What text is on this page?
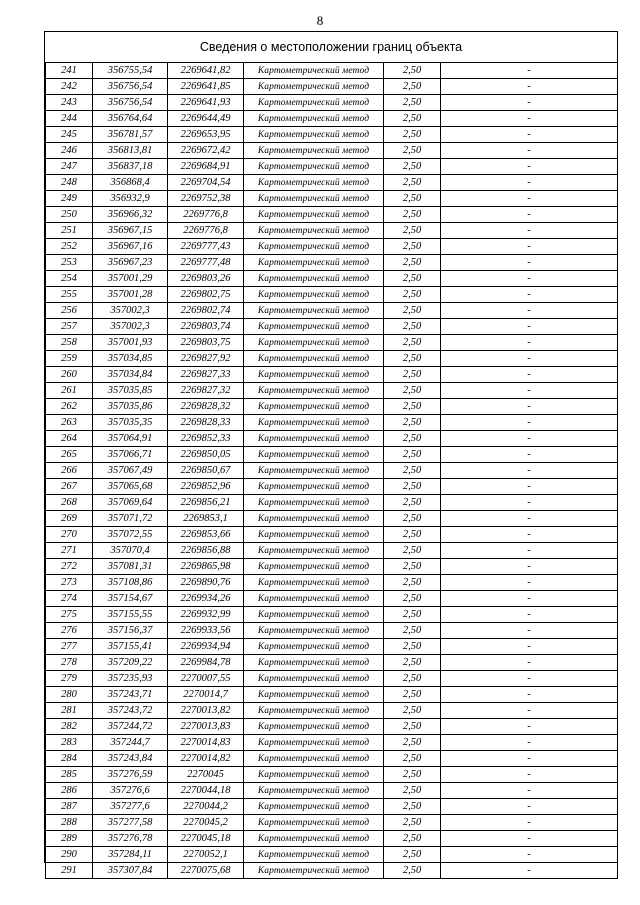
8
Сведения о местоположении границ объекта
241	356755,54	2269641,82	Картометрический метод	2,50	-
242	356756,54	2269641,85	Картометрический метод	2,50	-
243	356756,54	2269641,93	Картометрический метод	2,50	-
244	356764,64	2269644,49	Картометрический метод	2,50	-
245	356781,57	2269653,95	Картометрический метод	2,50	-
246	356813,81	2269672,42	Картометрический метод	2,50	-
247	356837,18	2269684,91	Картометрический метод	2,50	-
248	356868,4	2269704,54	Картометрический метод	2,50	-
249	356932,9	2269752,38	Картометрический метод	2,50	-
250	356966,32	2269776,8	Картометрический метод	2,50	-
251	356967,15	2269776,8	Картометрический метод	2,50	-
252	356967,16	2269777,43	Картометрический метод	2,50	-
253	356967,23	2269777,48	Картометрический метод	2,50	-
254	357001,29	2269803,26	Картометрический метод	2,50	-
255	357001,28	2269802,75	Картометрический метод	2,50	-
256	357002,3	2269802,74	Картометрический метод	2,50	-
257	357002,3	2269803,74	Картометрический метод	2,50	-
258	357001,93	2269803,75	Картометрический метод	2,50	-
259	357034,85	2269827,92	Картометрический метод	2,50	-
260	357034,84	2269827,33	Картометрический метод	2,50	-
261	357035,85	2269827,32	Картометрический метод	2,50	-
262	357035,86	2269828,32	Картометрический метод	2,50	-
263	357035,35	2269828,33	Картометрический метод	2,50	-
264	357064,91	2269852,33	Картометрический метод	2,50	-
265	357066,71	2269850,05	Картометрический метод	2,50	-
266	357067,49	2269850,67	Картометрический метод	2,50	-
267	357065,68	2269852,96	Картометрический метод	2,50	-
268	357069,64	2269856,21	Картометрический метод	2,50	-
269	357071,72	2269853,1	Картометрический метод	2,50	-
270	357072,55	2269853,66	Картометрический метод	2,50	-
271	357070,4	2269856,88	Картометрический метод	2,50	-
272	357081,31	2269865,98	Картометрический метод	2,50	-
273	357108,86	2269890,76	Картометрический метод	2,50	-
274	357154,67	2269934,26	Картометрический метод	2,50	-
275	357155,55	2269932,99	Картометрический метод	2,50	-
276	357156,37	2269933,56	Картометрический метод	2,50	-
277	357155,41	2269934,94	Картометрический метод	2,50	-
278	357209,22	2269984,78	Картометрический метод	2,50	-
279	357235,93	2270007,55	Картометрический метод	2,50	-
280	357243,71	2270014,7	Картометрический метод	2,50	-
281	357243,72	2270013,82	Картометрический метод	2,50	-
282	357244,72	2270013,83	Картометрический метод	2,50	-
283	357244,7	2270014,83	Картометрический метод	2,50	-
284	357243,84	2270014,82	Картометрический метод	2,50	-
285	357276,59	2270045	Картометрический метод	2,50	-
286	357276,6	2270044,18	Картометрический метод	2,50	-
287	357277,6	2270044,2	Картометрический метод	2,50	-
288	357277,58	2270045,2	Картометрический метод	2,50	-
289	357276,78	2270045,18	Картометрический метод	2,50	-
290	357284,11	2270052,1	Картометрический метод	2,50	-
291	357307,84	2270075,68	Картометрический метод	2,50	-
